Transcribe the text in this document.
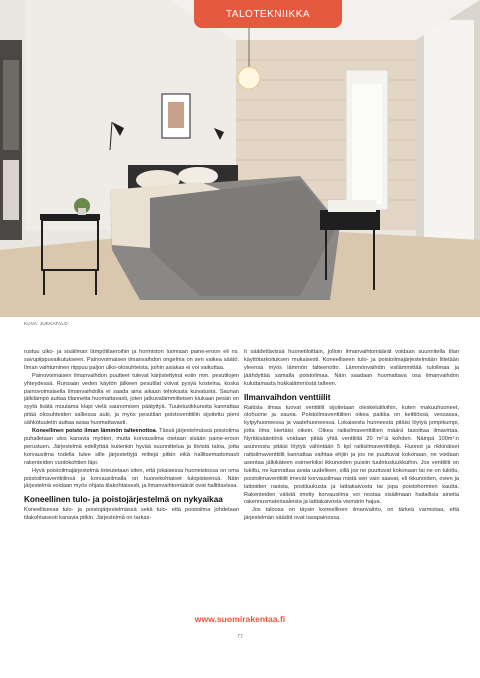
TALOTEKNIIKKA
KUVA: JUKKATALO

rustuu ulko- ja sisäilman lämpötilaeroihin ja hormiston luomaan paine-eroon eli ns. savupiippuvaikutukseen. Painovoimaisen ilmanvaihdon ongelma on sen vaikea säätö. Ilman vaihtuminen riippuu paljon ulko-olosuhteista, joihin asiakas ei voi vaikuttaa.

Painovoimaisen ilmanvaihdon puutteet tulevat kärjistettyinä esiin mm. pesutilojen yhteydessä. Runsaan veden käytön jälkeen pesutilat voivat pysyä kosteina, koska painovoimaisella ilmanvaihdolla ei saada aina aikaan tehokasta kuivatusta. Saunan jälkilämpö auttaa tilannetta huomattavasti, joten jatkuvalämmitteisen kiukaan pesän on syytä lisätä muutama klapi vielä saunomisen päätyttyä. Tuuletusikkunoita kannattaa pitää olosuhteiden salliessa auki, ja myös pesutilan poistoventtiilin sijoitettu pieni sähkötuuletin auttaa asiaa huomattavasti.

Koneellinen poisto ilman lämmön talteenottoa. Tässä järjestelmässä poistoilma puhalletaan ulos kanavia myöten, mutta korvausilma otetaan sisään paine-eroon perustuen. Järjestelmä edellyttää kuitenkin hyvää suunnittelua ja tiivistä taloa, jotta korvausilma todella tulee sille järjestettyjä reittejä pitkin eikä hallitsemattomasti rakenteiden vuotokohtien läpi.

Hyvä poistoilmajärjestelmä toteutetaan siten, että jokaisessa huoneistossa on oma poistoilmaventtiilinsä ja korvausilmalla on huonekohtaiset tulopisteensä. Näin järjestelmä voidaan myös ohjata tilakohtaisesti, ja ilmanvaihtomäärät ovat hallittavissa.

Koneellinen tulo- ja poistojärjestelmä on nykyaikaa

Koneellisessa tulo- ja poistojärjestelmässä sekä tulo- että poistoilma johdetaan tilakohtaisesti kanavia pitkin. Järjestelmä on tarkas-

ti säädettävissä huonetiloittain, jolloin ilmanvaihtomäärät voidaan suunnitella tilan käyttötarkoituksen mukaisesti. Koneelliseen tulo- ja poistoilmajärjestelmään liitetään yleensä myös lämmön talteenotto. Lämmönvaihdin esilämmittää tuloilmaa ja jäähdyttää samalla poistoilmaa. Näin saadaan huomattava osa ilmanvaihdon kuluttamasta hukkalämmöstä talteen.

Ilmanvaihdon venttiilit

Raitista ilmaa tuovat venttiilit sijoitetaan oleskelutiloihin, kuten makuuhuoneet, olohuone ja sauna. Poistoilmaventtiilien oikea paikka on keittiössä, vessassa, kylpyhuoneessa ja vaatehuoneessa. Lokaisesta huoneesta pitäisi löytyä jompikumpi, jotta ilma kiertäisi oikein. Oikea raitisilmaventtiilien määrä tasoittaa ilmavirtaa. Nyrkkisääntönä voidaan pitää yhtä venttiiliä 20 m²:ä kohden. Näinpä 100m²:n asunnosta pitäisi löytyä vähintään 5 kpl raitisilmaventtiilejä. Huonot ja rikkinäiset raitisilmaventtiilit kannattaa vaihtaa ehjiin ja jos ne puuttuvat kokonaan, ne voidaan asentaa jälkikäteen esimerkiksi ikkunoiden puisiin tuuletusluukkuihin. Jos venttiilit on tukittu, ne kannattaa avata uudelleen, sillä jos ne puuttuvat kokonaan tai ne on tukittu, poistoilmaventtiilit imevät korvausilmaa mistä sen vain saavat, eli ikkunoiden, ovien ja lattioiden raoista, postiluukusta ja lattiakaivosta tai jopa poistohormien kautta. Rakenteiden välistä imetty korvausilma voi nostaa sisäilmaan haitallisia aineita rakennusmateriaaleista ja lattiakaivosta viemärin hajua.

Jos taloosa on täysin koneellinen ilmanvaihto, on tärkeä varmistaa, että järjestelmän säädöt ovat tasapainossa.

www.suomirakentaa.fi
77
